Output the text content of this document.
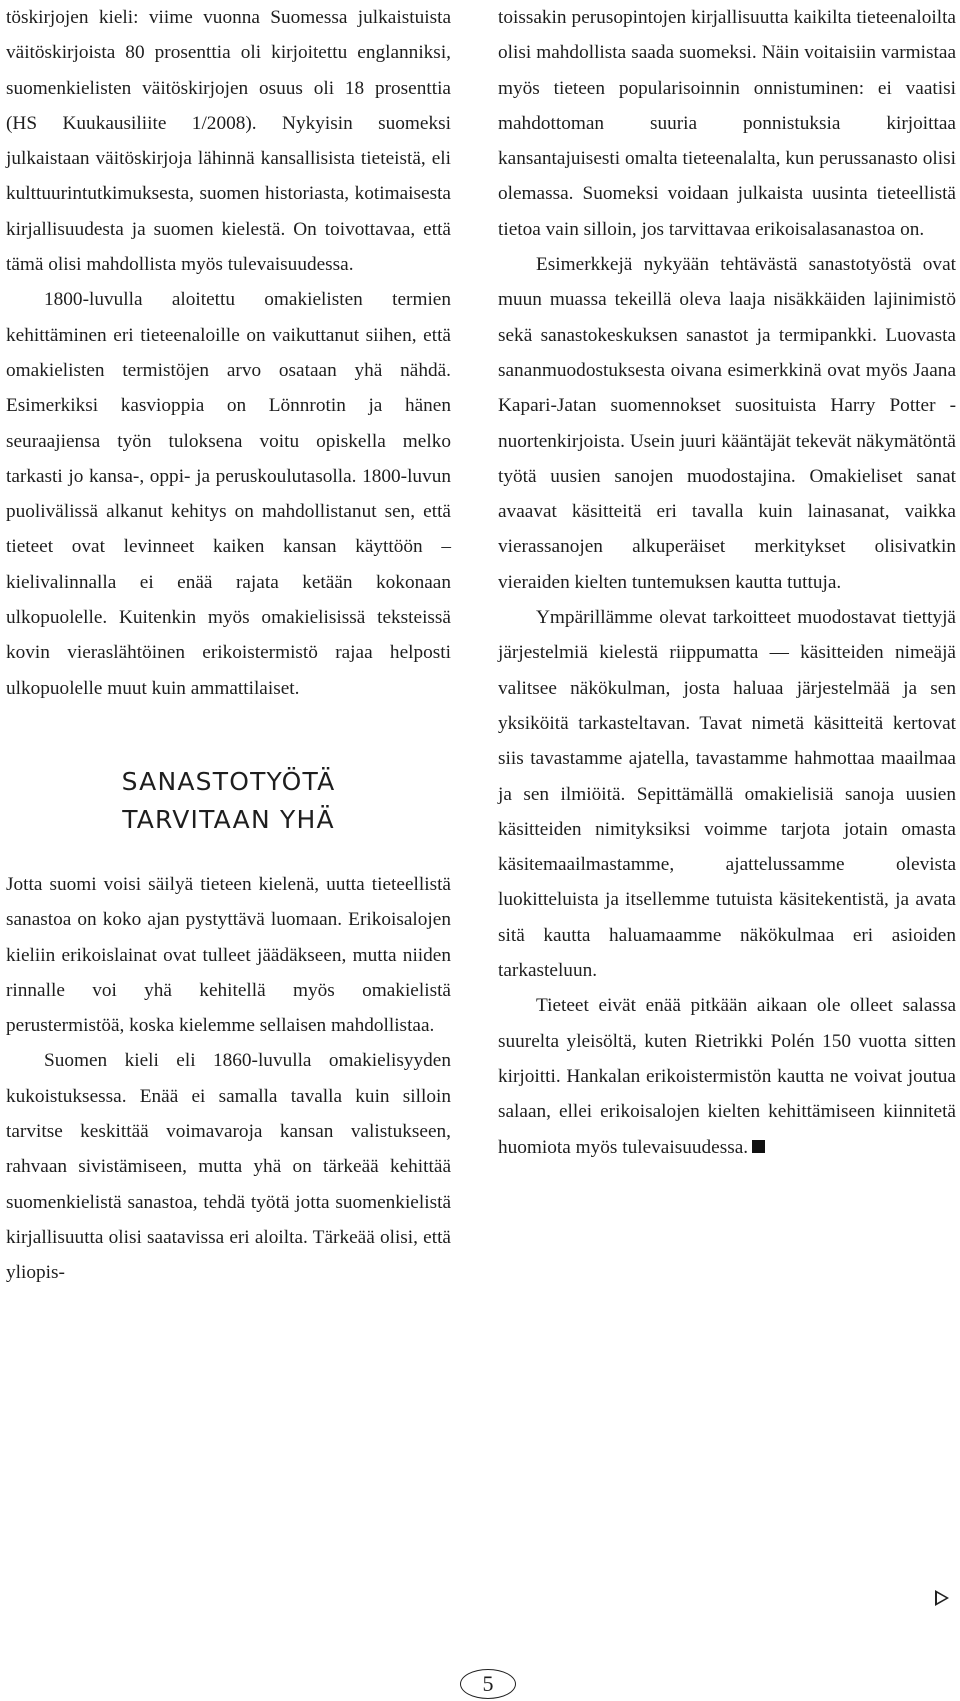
töskirjojen kieli: viime vuonna Suomessa julkaistuista väitöskirjoista 80 prosenttia oli kirjoitettu englanniksi, suomenkielisten väitöskirjojen osuus oli 18 prosenttia (HS Kuukausiliite 1/2008). Nykyisin suomeksi julkaistaan väitöskirjoja lähinnä kansallisista tieteistä, eli kulttuurintutkimuksesta, suomen historiasta, kotimaisesta kirjallisuudesta ja suomen kielestä. On toivottavaa, että tämä olisi mahdollista myös tulevaisuudessa.

1800-luvulla aloitettu omakielisten termien kehittäminen eri tieteenaloille on vaikuttanut siihen, että omakielisten termistöjen arvo osataan yhä nähdä. Esimerkiksi kasvioppia on Lönnrotin ja hänen seuraajiensa työn tuloksena voitu opiskella melko tarkasti jo kansa-, oppi- ja peruskoulutasolla. 1800-luvun puolivälissä alkanut kehitys on mahdollistanut sen, että tieteet ovat levinneet kaiken kansan käyttöön – kielivalinnalla ei enää rajata ketään kokonaan ulkopuolelle. Kuitenkin myös omakielisissä teksteissä kovin vieraslähtöinen erikoistermistö rajaa helposti ulkopuolelle muut kuin ammattilaiset.

SANASTOTYÖTÄ
TARVITAAN YHÄ

Jotta suomi voisi säilyä tieteen kielenä, uutta tieteellistä sanastoa on koko ajan pystyttävä luomaan. Erikoisalojen kieliin erikoislainat ovat tulleet jäädäkseen, mutta niiden rinnalle voi yhä kehitellä myös omakielistä perustermistöä, koska kielemme sellaisen mahdollistaa.

Suomen kieli eli 1860-luvulla omakielisyyden kukoistuksessa. Enää ei samalla tavalla kuin silloin tarvitse keskittää voimavaroja kansan valistukseen, rahvaan sivistämiseen, mutta yhä on tärkeää kehittää suomenkielistä sanastoa, tehdä työtä jotta suomenkielistä kirjallisuutta olisi saatavissa eri aloilta. Tärkeää olisi, että yliopis-

toissakin perusopintojen kirjallisuutta kaikilta tieteenaloilta olisi mahdollista saada suomeksi. Näin voitaisiin varmistaa myös tieteen popularisoinnin onnistuminen: ei vaatisi mahdottoman suuria ponnistuksia kirjoittaa kansantajuisesti omalta tieteenalalta, kun perussanasto olisi olemassa. Suomeksi voidaan julkaista uusinta tieteellistä tietoa vain silloin, jos tarvittavaa erikoisalasanastoa on.

Esimerkkejä nykyään tehtävästä sanastotyöstä ovat muun muassa tekeillä oleva laaja nisäkkäiden lajinimistö sekä sanastokeskuksen sanastot ja termipankki. Luovasta sananmuodostuksesta oivana esimerkkinä ovat myös Jaana Kapari-Jatan suomennokset suosituista Harry Potter -nuortenkirjoista. Usein juuri kääntäjät tekevät näkymätöntä työtä uusien sanojen muodostajina. Omakieliset sanat avaavat käsitteitä eri tavalla kuin lainasanat, vaikka vierassanojen alkuperäiset merkitykset olisivatkin vieraiden kielten tuntemuksen kautta tuttuja.

Ympärillämme olevat tarkoitteet muodostavat tiettyjä järjestelmiä kielestä riippumatta — käsitteiden nimeäjä valitsee näkökulman, josta haluaa järjestelmää ja sen yksiköitä tarkasteltavan. Tavat nimetä käsitteitä kertovat siis tavastamme ajatella, tavastamme hahmottaa maailmaa ja sen ilmiöitä. Sepittämällä omakielisiä sanoja uusien käsitteiden nimityksiksi voimme tarjota jotain omasta käsitemaailmastamme, ajattelussamme olevista luokitteluista ja itsellemme tutuista käsitekentistä, ja avata sitä kautta haluamaamme näkökulmaa eri asioiden tarkasteluun.

Tieteet eivät enää pitkään aikaan ole olleet salassa suurelta yleisöltä, kuten Rietrikki Polén 150 vuotta sitten kirjoitti. Hankalan erikoistermistön kautta ne voivat joutua salaan, ellei erikoisalojen kielten kehittämiseen kiinnitetä huomiota myös tulevaisuudessa.

5
